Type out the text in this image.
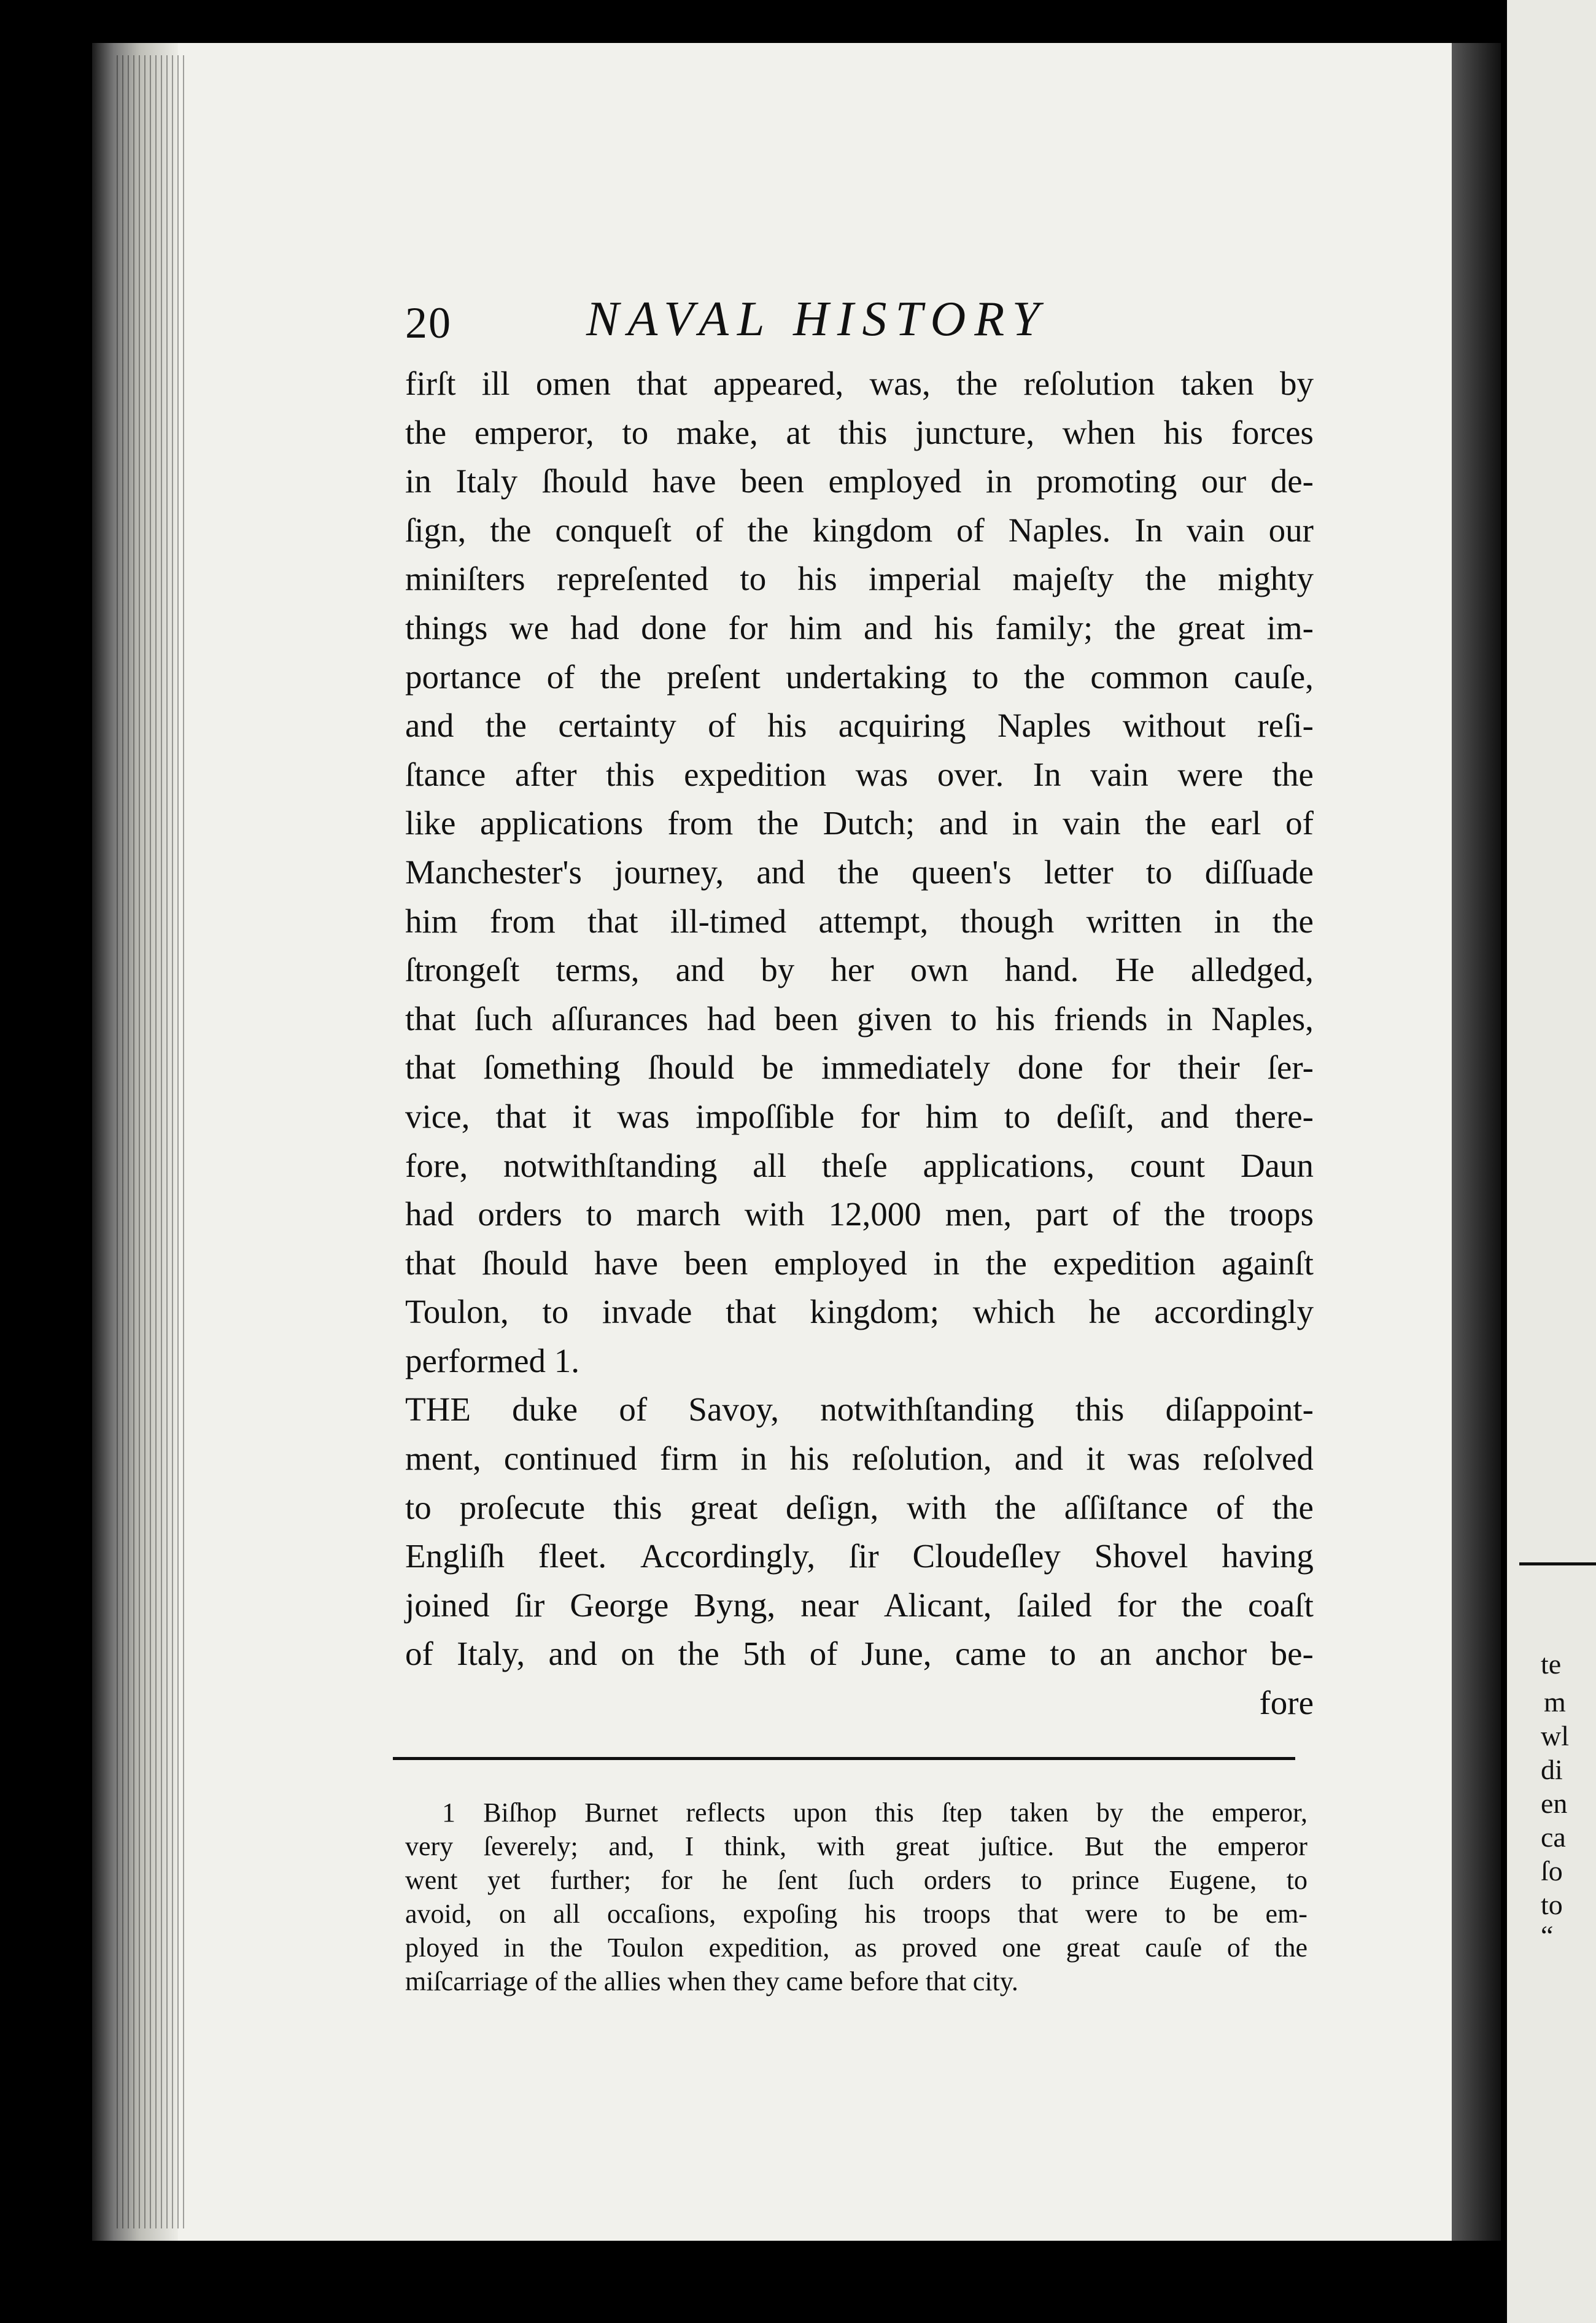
te
m
wl
di
en
ca
ſo
to
“
20	NAVAL HISTORY
firſt ill omen that appeared, was, the reſolution taken by
the emperor, to make, at this juncture, when his forces
in Italy ſhould have been employed in promoting our de-
ſign, the conqueſt of the kingdom of Naples. In vain our
miniſters repreſented to his imperial majeſty the mighty
things we had done for him and his family; the great im-
portance of the preſent undertaking to the common cauſe,
and the certainty of his acquiring Naples without reſi-
ſtance after this expedition was over. In vain were the
like applications from the Dutch; and in vain the earl of
Manchester's journey, and the queen's letter to diſſuade
him from that ill-timed attempt, though written in the
ſtrongeſt terms, and by her own hand. He alledged,
that ſuch aſſurances had been given to his friends in Naples,
that ſomething ſhould be immediately done for their ſer-
vice, that it was impoſſible for him to deſiſt, and there-
fore, notwithſtanding all theſe applications, count Daun
had orders to march with 12,000 men, part of the troops
that ſhould have been employed in the expedition againſt
Toulon, to invade that kingdom; which he accordingly
performed 1.
THE duke of Savoy, notwithſtanding this diſappoint-
ment, continued firm in his reſolution, and it was reſolved
to proſecute this great deſign, with the aſſiſtance of the
Engliſh fleet. Accordingly, ſir Cloudeſley Shovel having
joined ſir George Byng, near Alicant, ſailed for the coaſt
of Italy, and on the 5th of June, came to an anchor be-
fore
1 Biſhop Burnet reflects upon this ſtep taken by the emperor,
very ſeverely; and, I think, with great juſtice. But the emperor
went yet further; for he ſent ſuch orders to prince Eugene, to
avoid, on all occaſions, expoſing his troops that were to be em-
ployed in the Toulon expedition, as proved one great cauſe of the
miſcarriage of the allies when they came before that city.
